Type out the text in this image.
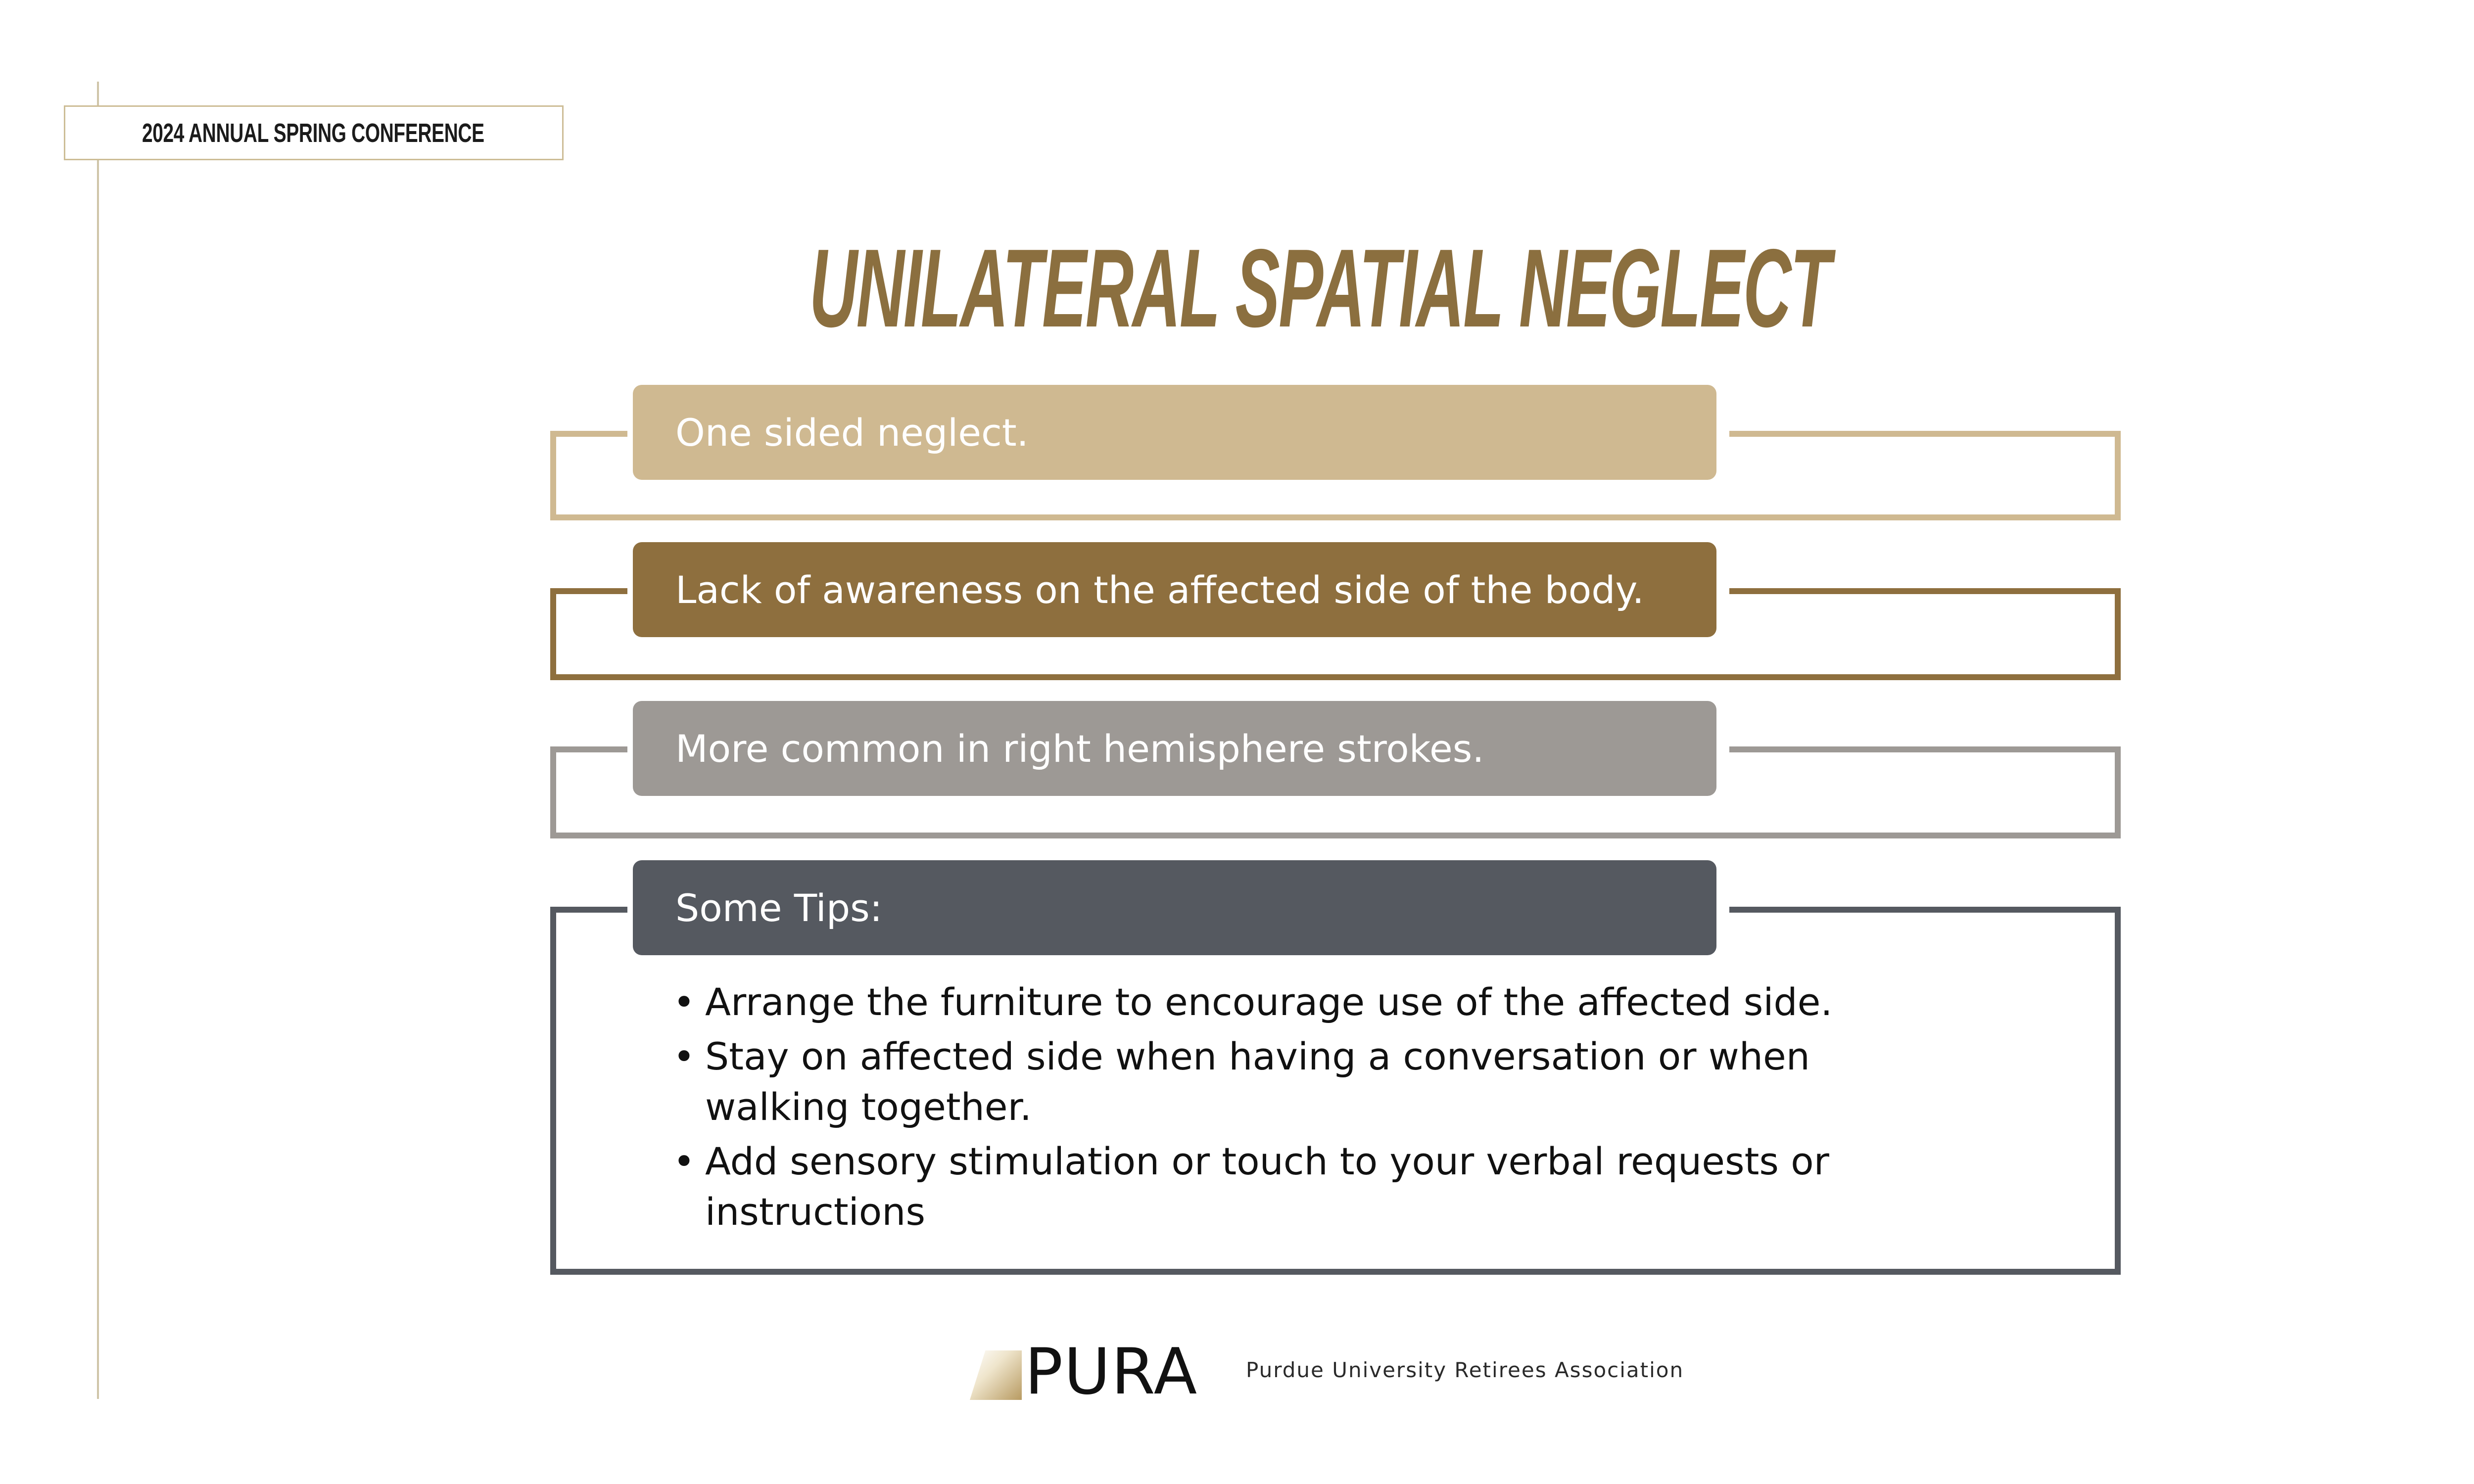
2024 ANNUAL SPRING CONFERENCE
UNILATERAL SPATIAL NEGLECT
One sided neglect.
Lack of awareness on the affected side of the body.
More common in right hemisphere strokes.
Some Tips:
• Arrange the furniture to encourage use of the affected side.
• Stay on affected side when having a conversation or when walking together.
• Add sensory stimulation or touch to your verbal requests or instructions
PURA Purdue University Retirees Association
